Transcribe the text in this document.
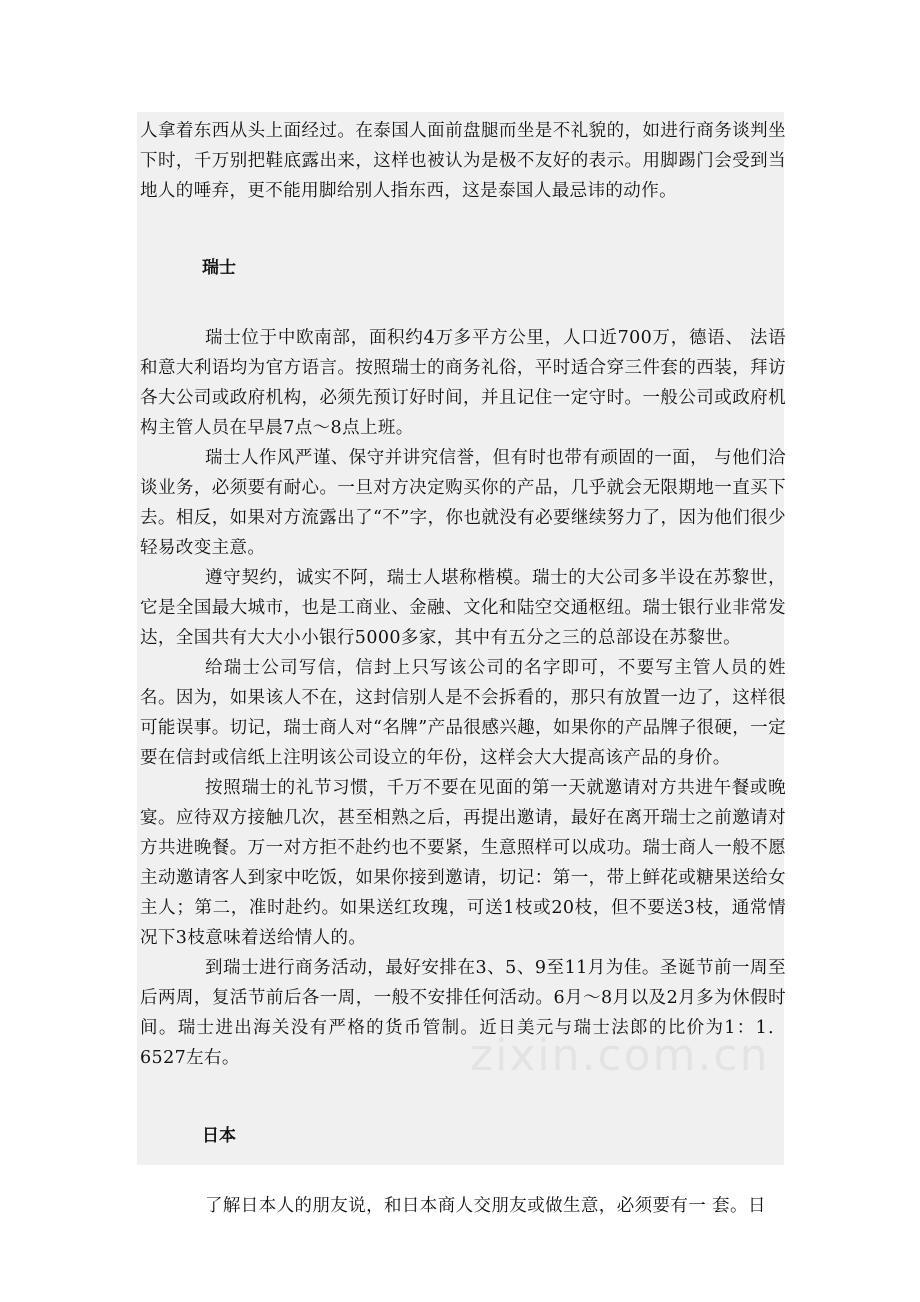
人拿着东西从头上面经过。在泰国人面前盘腿而坐是不礼貌的，如进行商务谈判坐下时，千万别把鞋底露出来，这样也被认为是极不友好的表示。用脚踢门会受到当地人的唾弃，更不能用脚给别人指东西，这是泰国人最忌讳的动作。

瑞士

瑞士位于中欧南部，面积约4万多平方公里，人口近700万，德语、 法语和意大利语均为官方语言。按照瑞士的商务礼俗，平时适合穿三件套的西装，拜访各大公司或政府机构，必须先预订好时间，并且记住一定守时。一般公司或政府机构主管人员在早晨7点～8点上班。

瑞士人作风严谨、保守并讲究信誉，但有时也带有顽固的一面， 与他们洽谈业务，必须要有耐心。一旦对方决定购买你的产品，几乎就会无限期地一直买下去。相反，如果对方流露出了“不”字，你也就没有必要继续努力了，因为他们很少轻易改变主意。

遵守契约，诚实不阿，瑞士人堪称楷模。瑞士的大公司多半设在苏黎世，它是全国最大城市，也是工商业、金融、文化和陆空交通枢纽。瑞士银行业非常发达，全国共有大大小小银行5000多家，其中有五分之三的总部设在苏黎世。

给瑞士公司写信，信封上只写该公司的名字即可，不要写主管人员的姓名。因为，如果该人不在，这封信别人是不会拆看的，那只有放置一边了，这样很可能误事。切记，瑞士商人对“名牌”产品很感兴趣，如果你的产品牌子很硬，一定要在信封或信纸上注明该公司设立的年份，这样会大大提高该产品的身价。

按照瑞士的礼节习惯，千万不要在见面的第一天就邀请对方共进午餐或晚宴。应待双方接触几次，甚至相熟之后，再提出邀请，最好在离开瑞士之前邀请对方共进晚餐。万一对方拒不赴约也不要紧，生意照样可以成功。瑞士商人一般不愿主动邀请客人到家中吃饭，如果你接到邀请，切记：第一，带上鲜花或糖果送给女主人；第二，准时赴约。如果送红玫瑰，可送1枝或20枝，但不要送3枝，通常情况下3枝意味着送给情人的。

到瑞士进行商务活动，最好安排在3、5、9至11月为佳。圣诞节前一周至后两周，复活节前后各一周，一般不安排任何活动。6月～8月以及2月多为休假时间。瑞士进出海关没有严格的货币管制。近日美元与瑞士法郎的比价为1：1．6527左右。

日本

了解日本人的朋友说，和日本商人交朋友或做生意，必须要有一 套。日
